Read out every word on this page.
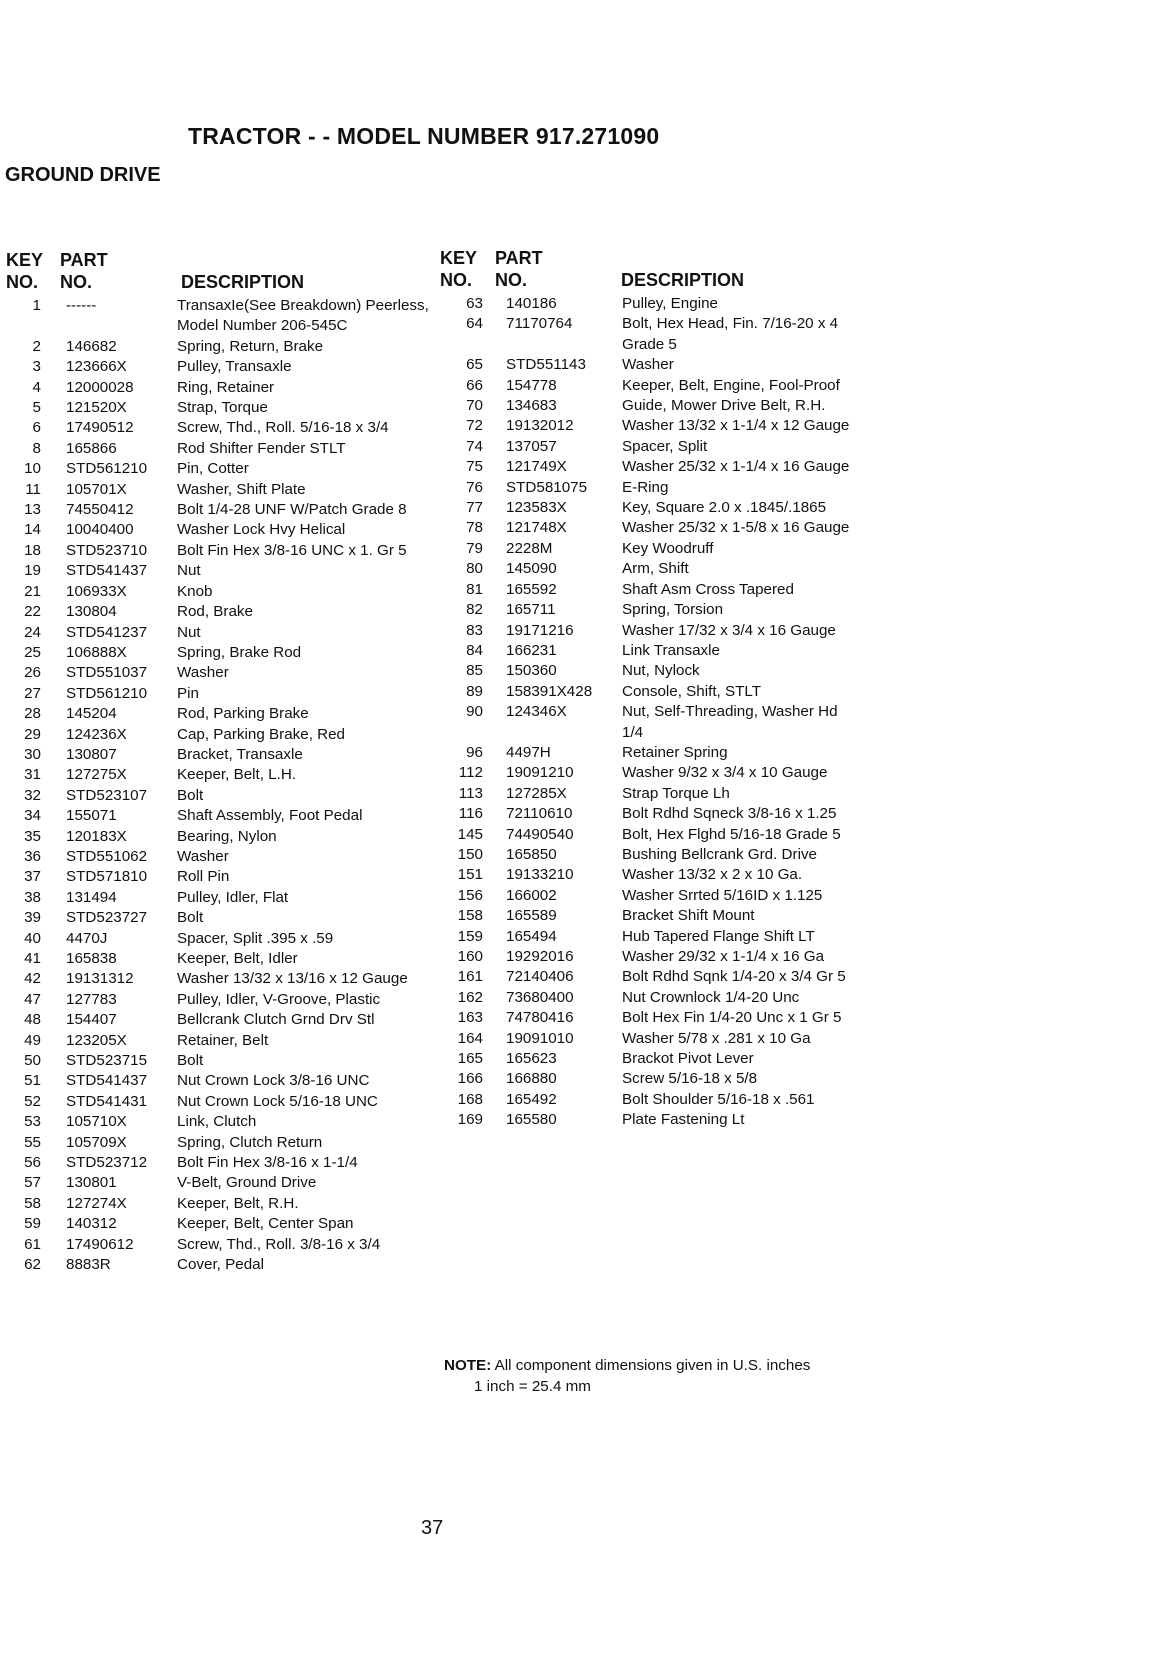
TRACTOR - - MODEL NUMBER 917.271090
GROUND DRIVE
KEY
NO.
PART
NO.	DESCRIPTION
1 ------	TransaxIe(See Breakdown) Peerless, Model Number 206-545C
2 146682	Spring, Return, Brake
3 123666X	Pulley, Transaxle
4 12000028	Ring, Retainer
5 121520X	Strap, Torque
6 17490512	Screw, Thd., Roll. 5/16-18 x 3/4
8 165866	Rod Shifter Fender STLT
10 STD561210	Pin, Cotter
11 105701X	Washer, Shift Plate
13 74550412	Bolt 1/4-28 UNF W/Patch Grade 8
14 10040400	Washer Lock Hvy Helical
18 STD523710	Bolt Fin Hex 3/8-16 UNC x 1. Gr 5
19 STD541437	Nut
21 106933X	Knob
22 130804	Rod, Brake
24 STD541237	Nut
25 106888X	Spring, Brake Rod
26 STD551037	Washer
27 STD561210	Pin
28 145204	Rod, Parking Brake
29 124236X	Cap, Parking Brake, Red
30 130807	Bracket, Transaxle
31 127275X	Keeper, Belt, L.H.
32 STD523107	Bolt
34 155071	Shaft Assembly, Foot Pedal
35 120183X	Bearing, Nylon
36 STD551062	Washer
37 STD571810	Roll Pin
38 131494	Pulley, Idler, Flat
39 STD523727	Bolt
40 4470J	Spacer, Split .395 x .59
41 165838	Keeper, Belt, Idler
42 19131312	Washer 13/32 x 13/16 x 12 Gauge
47 127783	Pulley, Idler, V-Groove, Plastic
48 154407	Bellcrank Clutch Grnd Drv Stl
49 123205X	Retainer, Belt
50 STD523715	Bolt
51 STD541437	Nut Crown Lock 3/8-16 UNC
52 STD541431	Nut Crown Lock 5/16-18 UNC
53 105710X	Link, Clutch
55 105709X	Spring, Clutch Return
56 STD523712	Bolt Fin Hex 3/8-16 x 1-1/4
57 130801	V-Belt, Ground Drive
58 127274X	Keeper, Belt, R.H.
59 140312	Keeper, Belt, Center Span
61 17490612	Screw, Thd., Roll. 3/8-16 x 3/4
62 8883R	Cover, Pedal
KEY
NO.
PART
NO.	DESCRIPTION
63 140186	Pulley, Engine
64 71170764	Bolt, Hex Head, Fin. 7/16-20 x 4 Grade 5
65 STD551143	Washer
66 154778	Keeper, Belt, Engine, Fool-Proof
70 134683	Guide, Mower Drive Belt, R.H.
72 19132012	Washer 13/32 x 1-1/4 x 12 Gauge
74 137057	Spacer, Split
75 121749X	Washer 25/32 x 1-1/4 x 16 Gauge
76 STD581075	E-Ring
77 123583X	Key, Square 2.0 x .1845/.1865
78 121748X	Washer 25/32 x 1-5/8 x 16 Gauge
79 2228M	Key Woodruff
80 145090	Arm, Shift
81 165592	Shaft Asm Cross Tapered
82 165711	Spring, Torsion
83 19171216	Washer 17/32 x 3/4 x 16 Gauge
84 166231	Link Transaxle
85 150360	Nut, Nylock
89 158391X428	Console, Shift, STLT
90 124346X	Nut, Self-Threading, Washer Hd 1/4
96 4497H	Retainer Spring
112 19091210	Washer 9/32 x 3/4 x 10 Gauge
113 127285X	Strap Torque Lh
116 72110610	Bolt Rdhd Sqneck 3/8-16 x 1.25
145 74490540	Bolt, Hex Flghd 5/16-18 Grade 5
150 165850	Bushing Bellcrank Grd. Drive
151 19133210	Washer 13/32 x 2 x 10 Ga.
156 166002	Washer Srrted 5/16ID x 1.125
158 165589	Bracket Shift Mount
159 165494	Hub Tapered Flange Shift LT
160 19292016	Washer 29/32 x 1-1/4 x 16 Ga
161 72140406	Bolt Rdhd Sqnk 1/4-20 x 3/4 Gr 5
162 73680400	Nut Crownlock 1/4-20 Unc
163 74780416	Bolt Hex Fin 1/4-20 Unc x 1 Gr 5
164 19091010	Washer 5/78 x .281 x 10 Ga
165 165623	Brackot Pivot Lever
166 166880	Screw 5/16-18 x 5/8
168 165492	Bolt Shoulder 5/16-18 x .561
169 165580	Plate Fastening Lt

NOTE: All component dimensions given in U.S. inches

1 inch = 25.4 mm

37
